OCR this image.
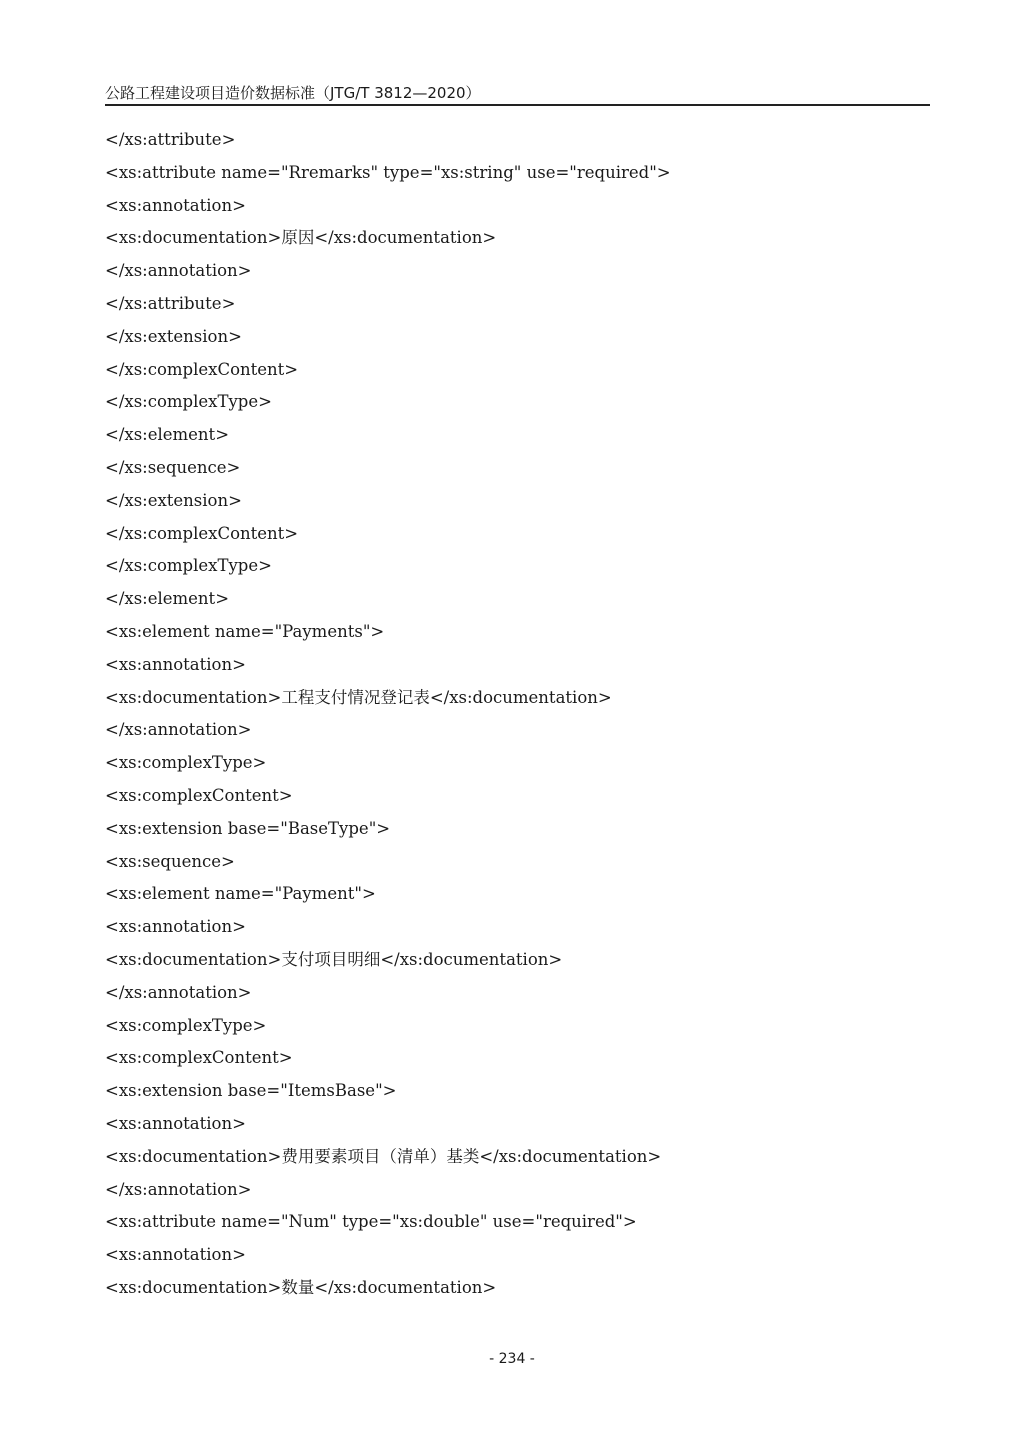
公路工程建设项目造价数据标准（JTG/T 3812—2020）
</xs:attribute>
<xs:attribute name="Rremarks" type="xs:string" use="required">
<xs:annotation>
<xs:documentation>原因</xs:documentation>
</xs:annotation>
</xs:attribute>
</xs:extension>
</xs:complexContent>
</xs:complexType>
</xs:element>
</xs:sequence>
</xs:extension>
</xs:complexContent>
</xs:complexType>
</xs:element>
<xs:element name="Payments">
<xs:annotation>
<xs:documentation>工程支付情况登记表</xs:documentation>
</xs:annotation>
<xs:complexType>
<xs:complexContent>
<xs:extension base="BaseType">
<xs:sequence>
<xs:element name="Payment">
<xs:annotation>
<xs:documentation>支付项目明细</xs:documentation>
</xs:annotation>
<xs:complexType>
<xs:complexContent>
<xs:extension base="ItemsBase">
<xs:annotation>
<xs:documentation>费用要素项目（清单）基类</xs:documentation>
</xs:annotation>
<xs:attribute name="Num" type="xs:double" use="required">
<xs:annotation>
<xs:documentation>数量</xs:documentation>
- 234 -
